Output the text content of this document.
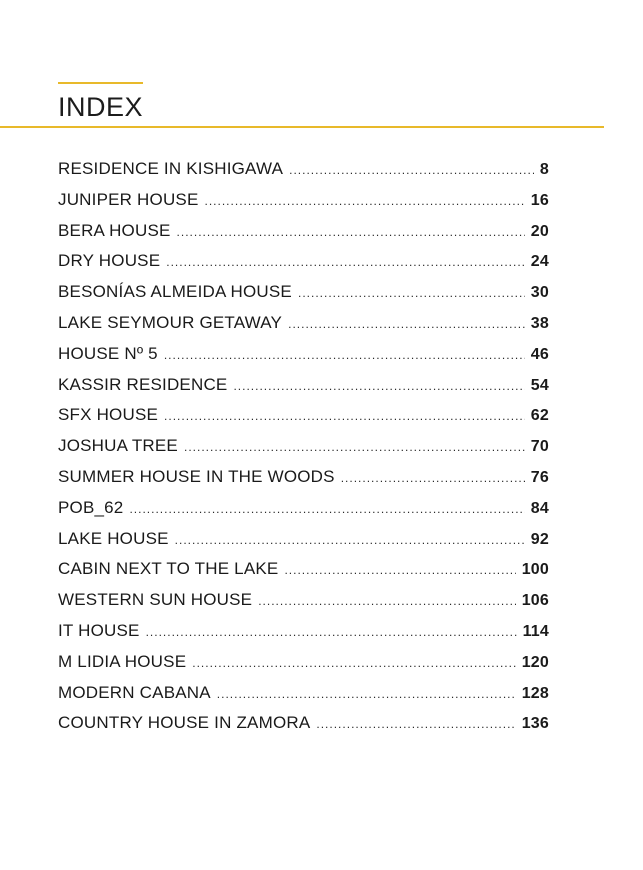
INDEX
RESIDENCE IN KISHIGAWA .....	8
JUNIPER HOUSE .....	16
BERA HOUSE .....	20
DRY HOUSE .....	24
BESONÍAS ALMEIDA HOUSE .....	30
LAKE SEYMOUR GETAWAY .....	38
HOUSE Nº 5 .....	46
KASSIR RESIDENCE .....	54
SFX HOUSE .....	62
JOSHUA TREE .....	70
SUMMER HOUSE IN THE WOODS .....	76
POB_62 .....	84
LAKE HOUSE .....	92
CABIN NEXT TO THE LAKE .....	100
WESTERN SUN HOUSE .....	106
IT HOUSE .....	114
M LIDIA HOUSE .....	120
MODERN CABANA .....	128
COUNTRY HOUSE IN ZAMORA .....	136
